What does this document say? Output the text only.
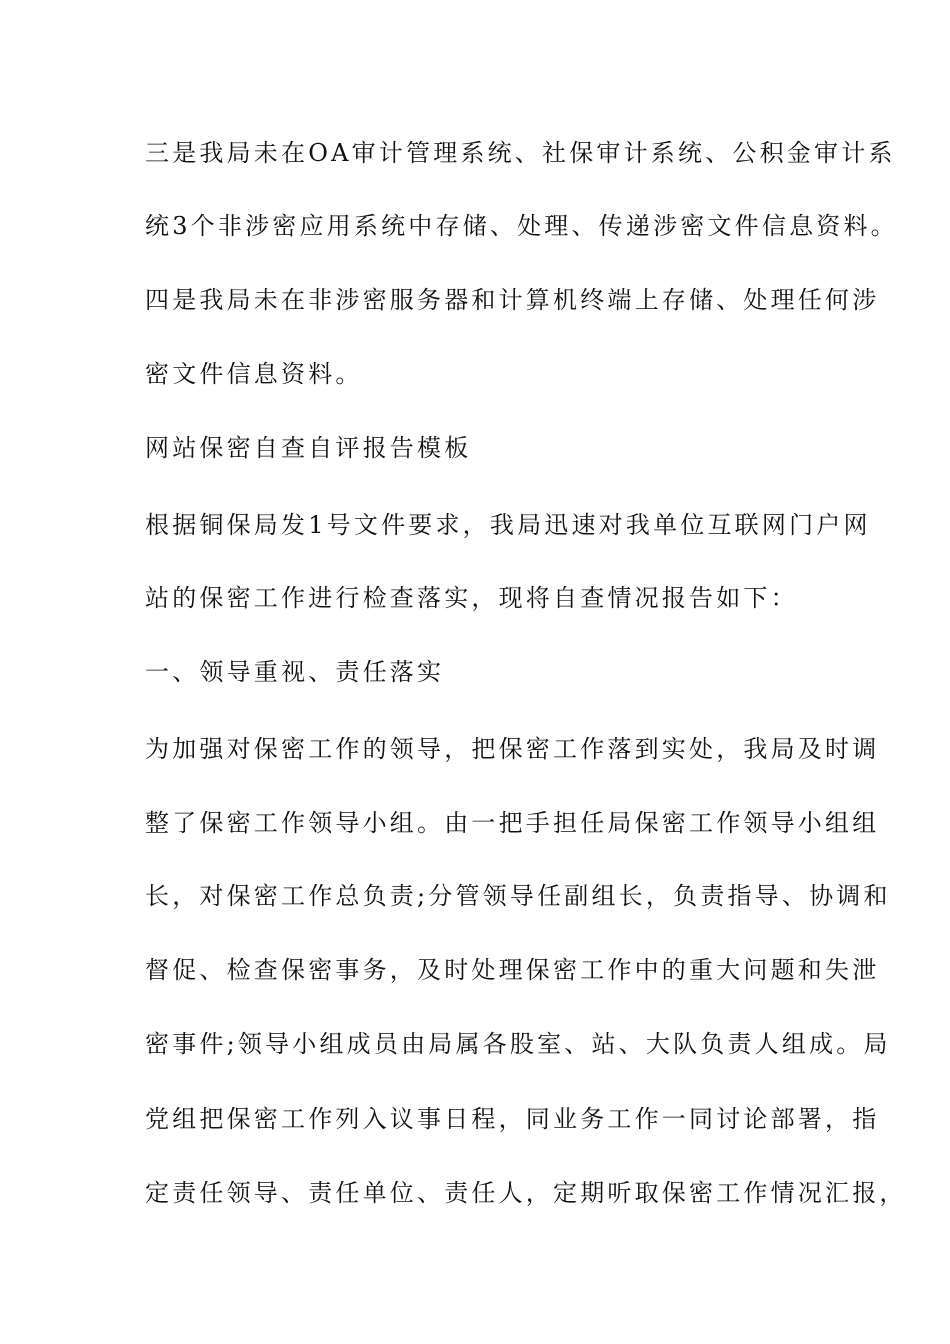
三是我局未在OA审计管理系统、社保审计系统、公积金审计系

统3个非涉密应用系统中存储、处理、传递涉密文件信息资料。

四是我局未在非涉密服务器和计算机终端上存储、处理任何涉

密文件信息资料。

网站保密自查自评报告模板

根据铜保局发1号文件要求，我局迅速对我单位互联网门户网

站的保密工作进行检查落实，现将自查情况报告如下：

一、领导重视、责任落实

为加强对保密工作的领导，把保密工作落到实处，我局及时调

整了保密工作领导小组。由一把手担任局保密工作领导小组组

长，对保密工作总负责;分管领导任副组长，负责指导、协调和

督促、检查保密事务，及时处理保密工作中的重大问题和失泄

密事件;领导小组成员由局属各股室、站、大队负责人组成。局

党组把保密工作列入议事日程，同业务工作一同讨论部署，指

定责任领导、责任单位、责任人，定期听取保密工作情况汇报，
